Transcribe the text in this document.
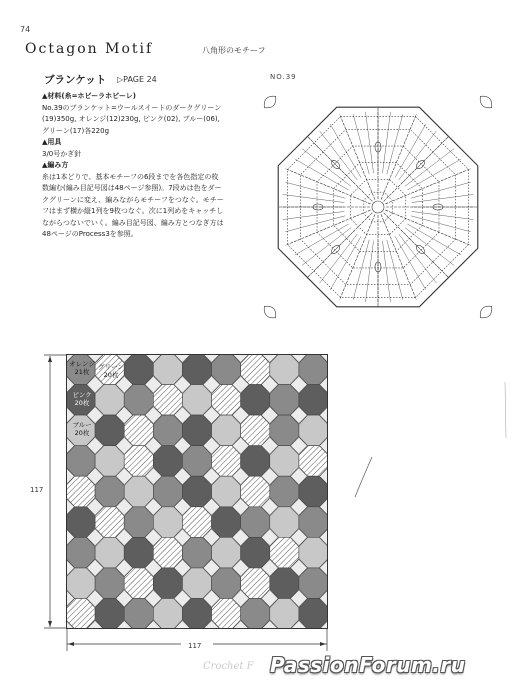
74
Octagon Motif	八角形のモチーフ
ブランケット ▷PAGE 24	NO.39
▲材料(糸=ホビーラホビーレ)
No.39のブランケット=ウールスイートのダークグリーン
(19)350g, オレンジ(12)230g, ピンク(02), ブルー(06),
グリーン(17)各220g
▲用具
3/0号かぎ針
▲編み方
糸は1本どりで、基本モチーフの6段までを各色指定の枚
数編む(編み目記号図は48ページ参照)。7段めは色をダー
クグリーンに変え、編みながらモチーフをつなぐ。モチー
フはまず横か縦1列を9枚つなぐ。次に1列めをキャッチし
ながらつないでいく。編み目記号図、編み方とつなぎ方は
48ページのProcess3を参照。
オレンジ
21枚
グリーン
20枚
ピンク
20枚
ブルー
20枚
117
117
Crochet F PassionForum.ru
